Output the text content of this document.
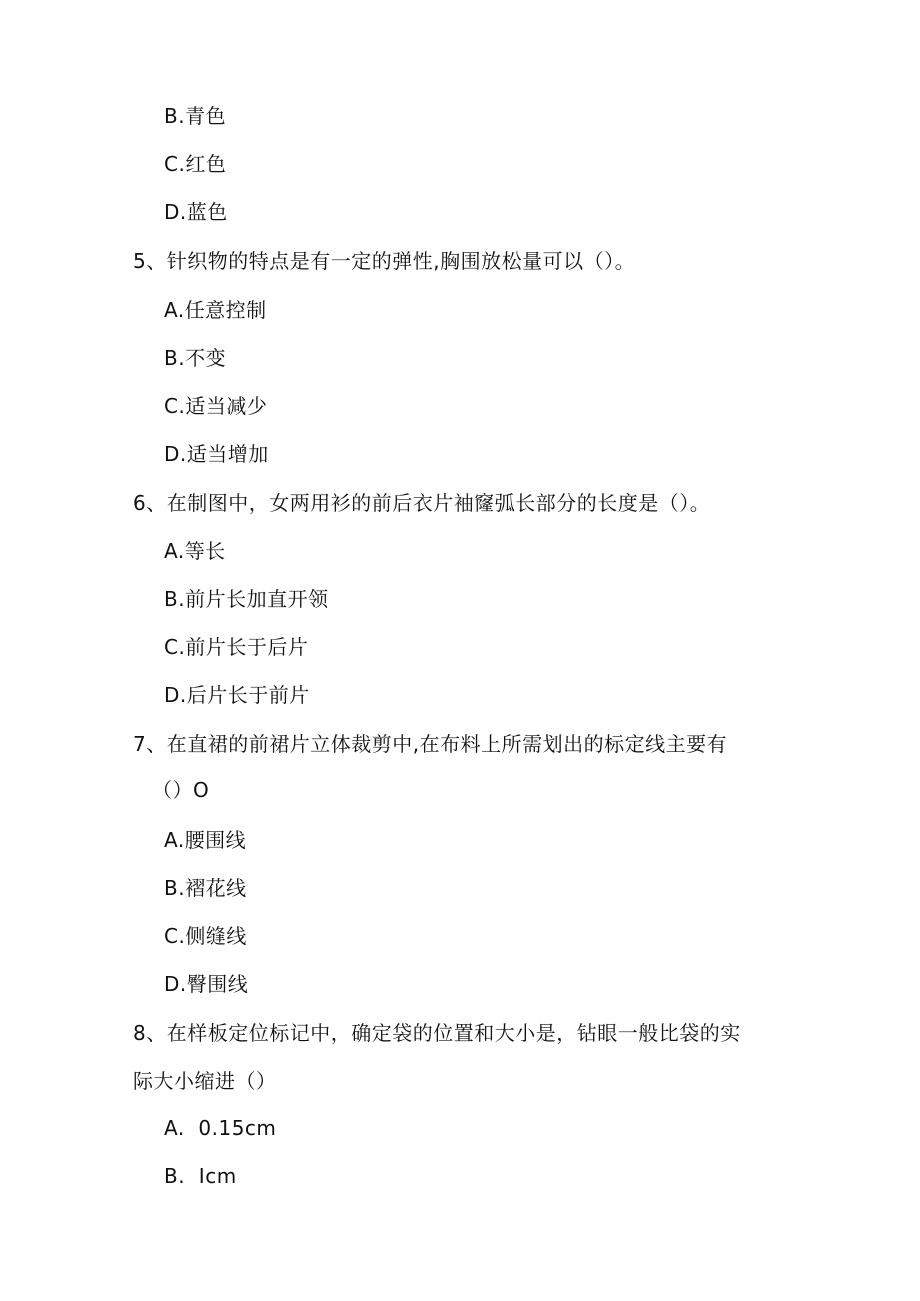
B.青色
C.红色
D.蓝色
5、针织物的特点是有一定的弹性,胸围放松量可以（）。
A.任意控制
B.不变
C.适当减少
D.适当增加
6、在制图中，女两用衫的前后衣片袖窿弧长部分的长度是（）。
A.等长
B.前片长加直开领
C.前片长于后片
D.后片长于前片
7、在直裙的前裙片立体裁剪中,在布料上所需划出的标定线主要有
（）O
A.腰围线
B.褶花线
C.侧缝线
D.臀围线
8、在样板定位标记中，确定袋的位置和大小是，钻眼一般比袋的实
际大小缩进（）
A.  0.15cm
B.  Icm
